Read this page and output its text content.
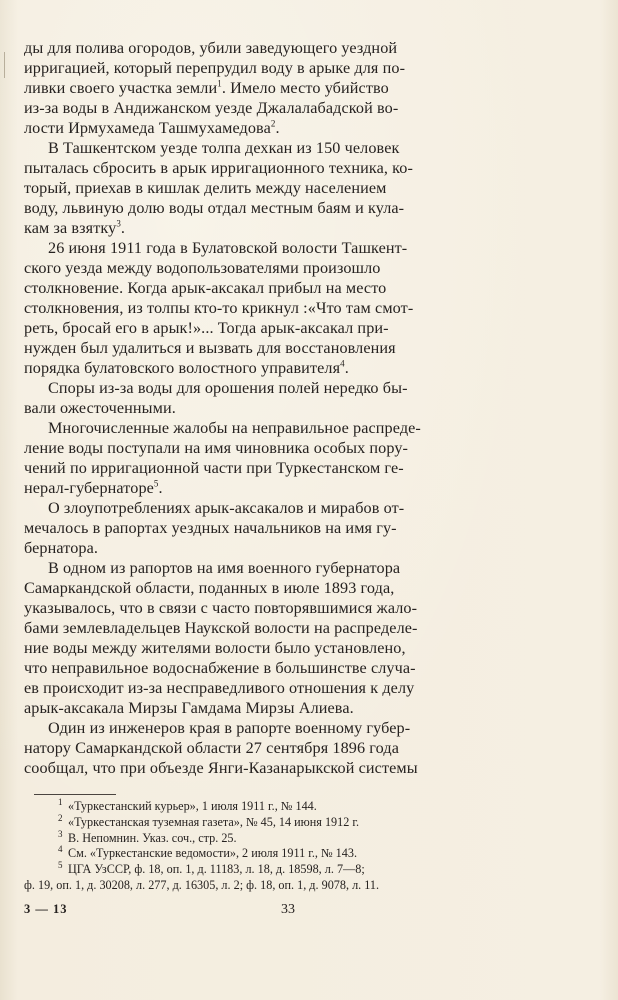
ды для полива огородов, убили заведующего уездной
ирригацией, который перепрудил воду в арыке для по-
ливки своего участка земли$^1$. Имело место убийство
из-за воды в Андижанском уезде Джалалабадской во-
лости Ирмухамеда Ташмухамедова$^2$.

В Ташкентском уезде толпа дехкан из 150 человек
пыталась сбросить в арык ирригационного техника, ко-
торый, приехав в кишлак делить между населением
воду, львиную долю воды отдал местным баям и кула-
кам за взятку$^3$.

26 июня 1911 года в Булатовской волости Ташкент-
ского уезда между водопользователями произошло
столкновение. Когда арык-аксакал прибыл на место
столкновения, из толпы кто-то крикнул :«Что там смот-
реть, бросай его в арык!»... Тогда арык-аксакал при-
нужден был удалиться и вызвать для восстановления
порядка булатовского волостного управителя$^4$.

Споры из-за воды для орошения полей нередко бы-
вали ожесточенными.

Многочисленные жалобы на неправильное распреде-
ление воды поступали на имя чиновника особых пору-
чений по ирригационной части при Туркестанском ге-
нерал-губернаторе$^5$.

О злоупотреблениях арык-аксакалов и мирабов от-
мечалось в рапортах уездных начальников на имя гу-
бернатора.

В одном из рапортов на имя военного губернатора
Самаркандской области, поданных в июле 1893 года,
указывалось, что в связи с часто повторявшимися жало-
бами землевладельцев Наукской волости на распределе-
ние воды между жителями волости было установлено,
что неправильное водоснабжение в большинстве случа-
ев происходит из-за несправедливого отношения к делу
арык-аксакала Мирзы Гамдама Мирзы Алиева.

Один из инженеров края в рапорте военному губер-
натору Самаркандской области 27 сентября 1896 года
сообщал, что при объезде Янги-Казанарыкской системы

1 «Туркестанский курьер», 1 июля 1911 г., № 144.
2 «Туркестанская туземная газета», № 45, 14 июня 1912 г.
3 В. Непомнин. Указ. соч., стр. 25.
4 См. «Туркестанские ведомости», 2 июля 1911 г., № 143.
5 ЦГА УзССР, ф. 18, оп. 1, д. 11183, л. 18, д. 18598, л. 7—8;
ф. 19, оп. 1, д. 30208, л. 277, д. 16305, л. 2; ф. 18, оп. 1, д. 9078, л. 11.
3 — 13	33
